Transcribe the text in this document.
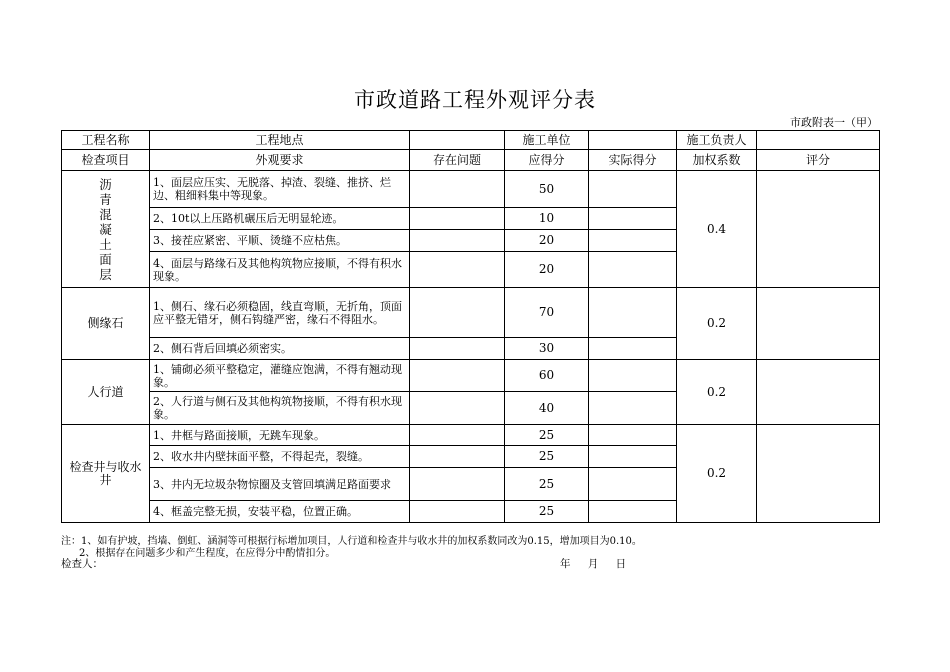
市政道路工程外观评分表
市政附表一（甲）
工程名称	工程地点		施工单位		施工负责人	
检查项目	外观要求	存在问题	应得分	实际得分	加权系数	评分
沥青混凝土面层	1、面层应压实、无脱落、掉渣、裂缝、推挤、烂边、粗细料集中等现象。		50		0.4	
	2、10t以上压路机碾压后无明显轮迹。		10			
	3、接茬应紧密、平顺、烫缝不应枯焦。		20			
	4、面层与路缘石及其他构筑物应接顺，不得有积水现象。		20			
侧缘石	1、侧石、缘石必须稳固，线直弯顺，无折角，顶面应平整无错牙，侧石钩缝严密，缘石不得阻水。		70		0.2	
	2、侧石背后回填必须密实。		30			
人行道	1、铺砌必须平整稳定，灌缝应饱满，不得有翘动现象。		60		0.2	
	2、人行道与侧石及其他构筑物接顺，不得有积水现象。		40			
检查井与收水井	1、井框与路面接顺，无跳车现象。		25		0.2	
	2、收水井内壁抹面平整，不得起壳，裂缝。		25			
	3、井内无垃圾杂物惊圈及支管回填满足路面要求		25			
	4、框盖完整无损，安装平稳，位置正确。		25			
注：1、如有护坡，挡墙、倒虹、涵洞等可根据行标增加项目，人行道和检查井与收水井的加权系数同改为0.15，增加项目为0.10。
2、根据存在问题多少和产生程度，在应得分中酌情扣分。
检查人：	年 月 日
